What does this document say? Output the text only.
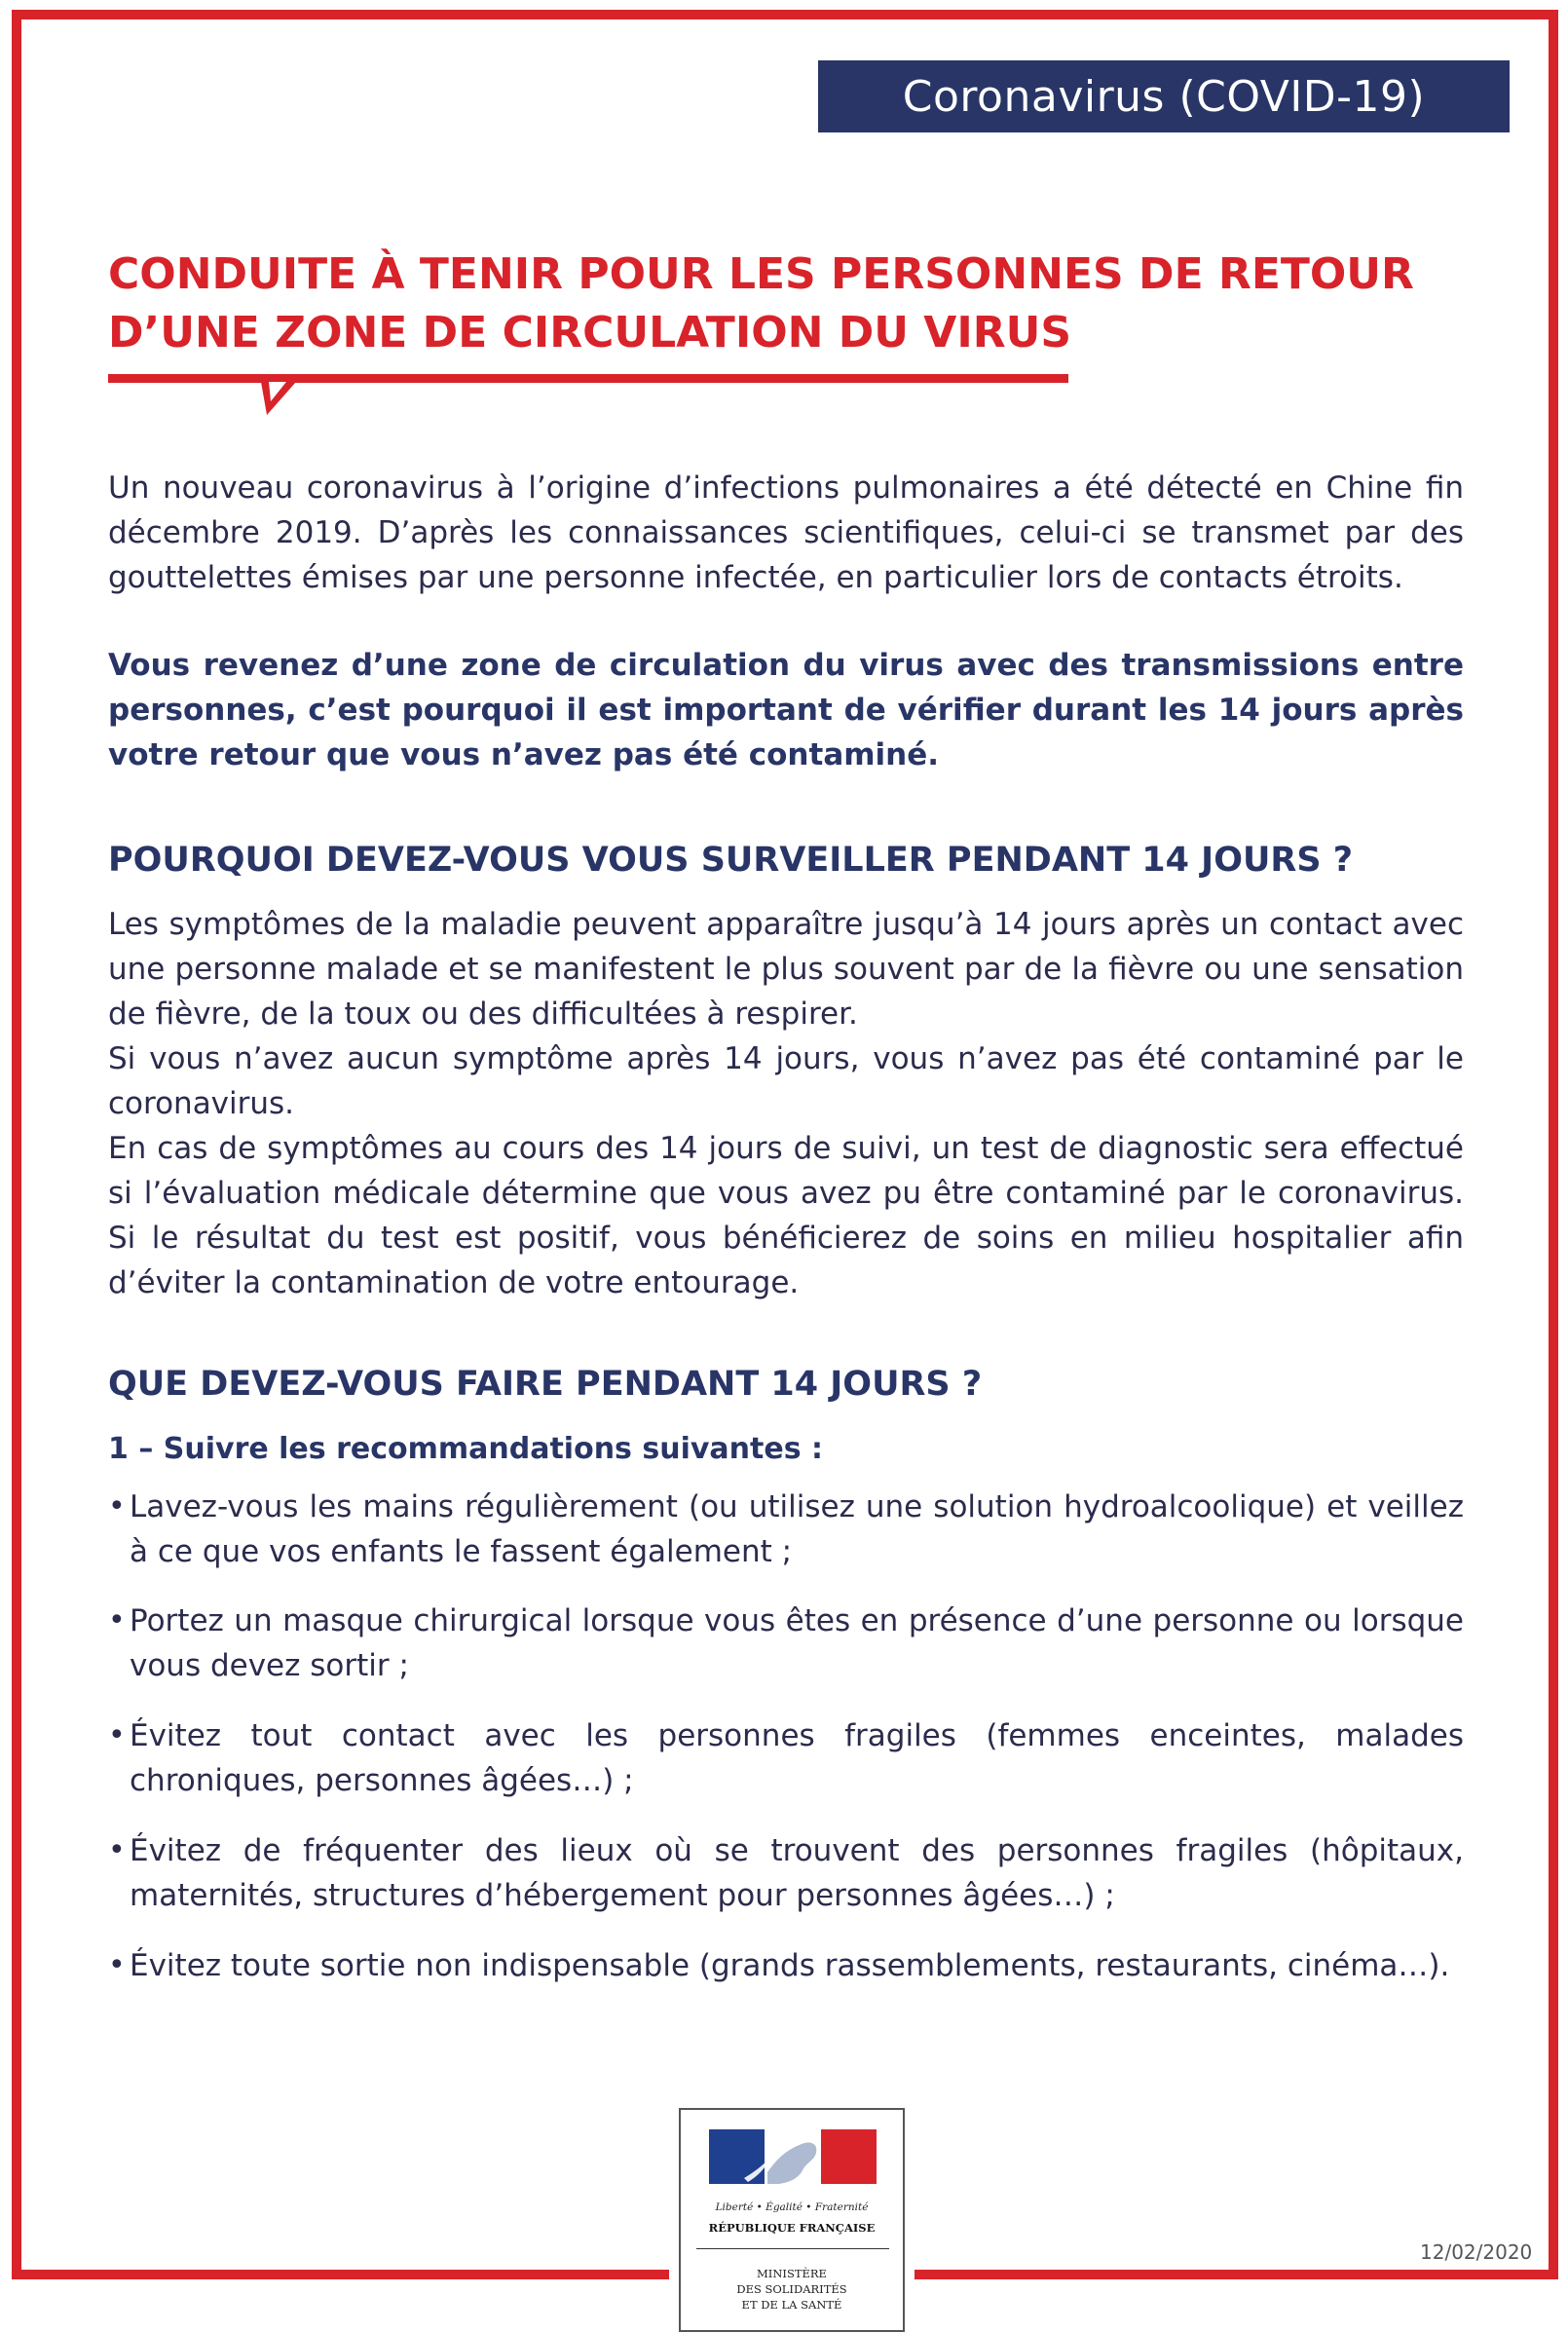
Coronavirus (COVID-19)
CONDUITE À TENIR POUR LES PERSONNES DE RETOUR
D’UNE ZONE DE CIRCULATION DU VIRUS

Un nouveau coronavirus à l’origine d’infections pulmonaires a été détecté en Chine fin décembre 2019. D’après les connaissances scientifiques, celui-ci se transmet par des gouttelettes émises par une personne infectée, en particulier lors de contacts étroits.

Vous revenez d’une zone de circulation du virus avec des transmissions entre personnes, c’est pourquoi il est important de vérifier durant les 14 jours après votre retour que vous n’avez pas été contaminé.

POURQUOI DEVEZ-VOUS VOUS SURVEILLER PENDANT 14 JOURS ?

Les symptômes de la maladie peuvent apparaître jusqu’à 14 jours après un contact avec une personne malade et se manifestent le plus souvent par de la fièvre ou une sensation de fièvre, de la toux ou des difficultées à respirer.

Si vous n’avez aucun symptôme après 14 jours, vous n’avez pas été contaminé par le coronavirus.

En cas de symptômes au cours des 14 jours de suivi, un test de diagnostic sera effectué si l’évaluation médicale détermine que vous avez pu être contaminé par le coronavirus. Si le résultat du test est positif, vous bénéficierez de soins en milieu hospitalier afin d’éviter la contamination de votre entourage.

QUE DEVEZ-VOUS FAIRE PENDANT 14 JOURS ?
1 – Suivre les recommandations suivantes :
• Lavez-vous les mains régulièrement (ou utilisez une solution hydroalcoolique) et veillez à ce que vos enfants le fassent également ;
• Portez un masque chirurgical lorsque vous êtes en présence d’une personne ou lorsque vous devez sortir ;
• Évitez tout contact avec les personnes fragiles (femmes enceintes, malades chroniques, personnes âgées…) ;
• Évitez de fréquenter des lieux où se trouvent des personnes fragiles (hôpitaux, maternités, structures d’hébergement pour personnes âgées…) ;
• Évitez toute sortie non indispensable (grands rassemblements, restaurants, cinéma…).
Liberté • Égalité • Fraternité
RÉPUBLIQUE FRANÇAISE
MINISTÈRE
DES SOLIDARITÉS
ET DE LA SANTÉ
12/02/2020
